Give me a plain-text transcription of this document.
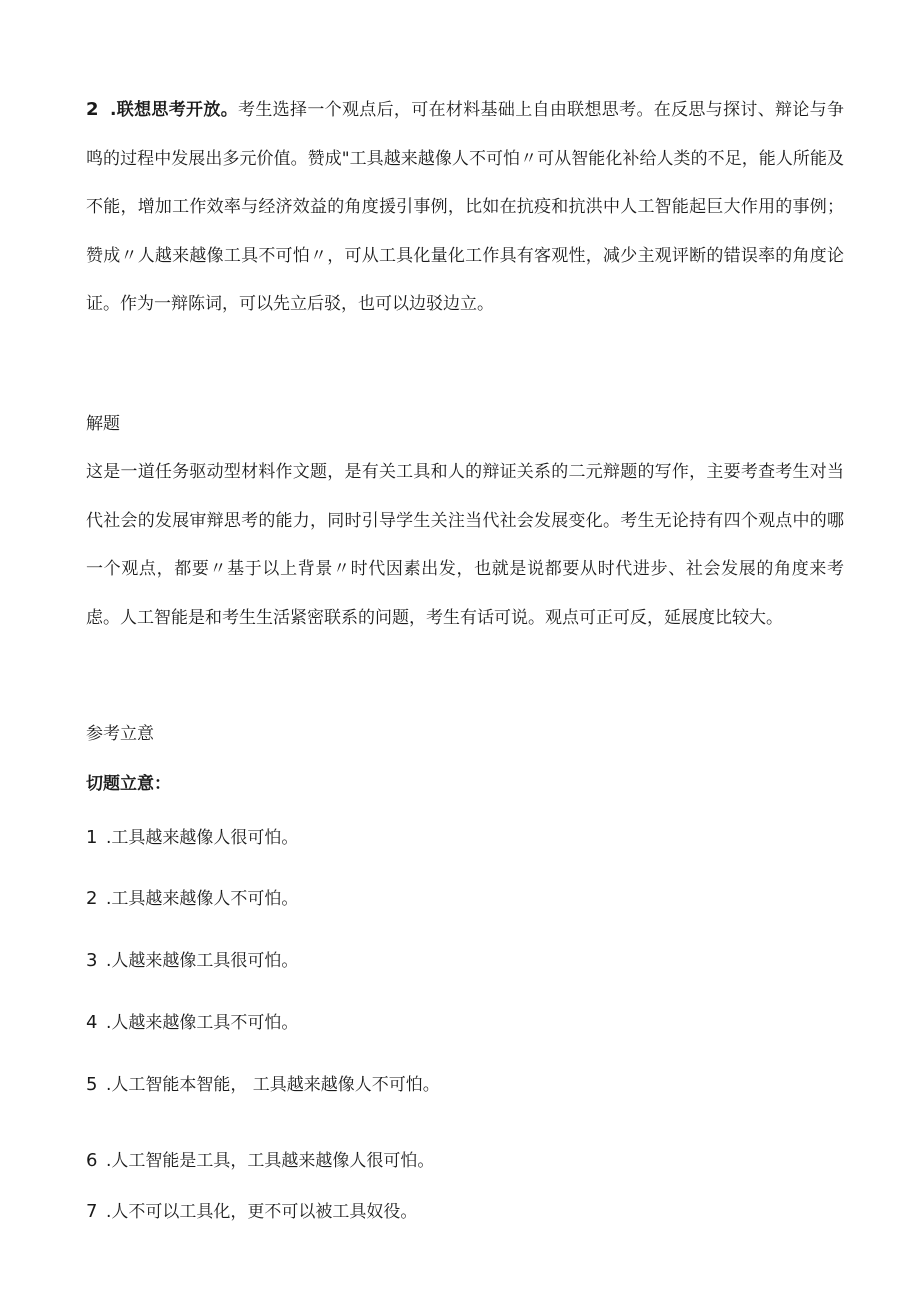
2 .联想思考开放。考生选择一个观点后，可在材料基础上自由联想思考。在反思与探讨、辩论与争鸣的过程中发展出多元价值。赞成"工具越来越像人不可怕〃可从智能化补给人类的不足，能人所能及不能，增加工作效率与经济效益的角度援引事例，比如在抗疫和抗洪中人工智能起巨大作用的事例；赞成〃人越来越像工具不可怕〃，可从工具化量化工作具有客观性，减少主观评断的错误率的角度论证。作为一辩陈词，可以先立后驳，也可以边驳边立。

解题

这是一道任务驱动型材料作文题，是有关工具和人的辩证关系的二元辩题的写作，主要考查考生对当代社会的发展审辩思考的能力，同时引导学生关注当代社会发展变化。考生无论持有四个观点中的哪一个观点，都要〃基于以上背景〃时代因素出发，也就是说都要从时代进步、社会发展的角度来考虑。人工智能是和考生生活紧密联系的问题，考生有话可说。观点可正可反，延展度比较大。

参考立意

切题立意：

1 .工具越来越像人很可怕。

2 .工具越来越像人不可怕。

3 .人越来越像工具很可怕。

4 .人越来越像工具不可怕。

5 .人工智能本智能， 工具越来越像人不可怕。

6 .人工智能是工具，工具越来越像人很可怕。

7 .人不可以工具化，更不可以被工具奴役。
